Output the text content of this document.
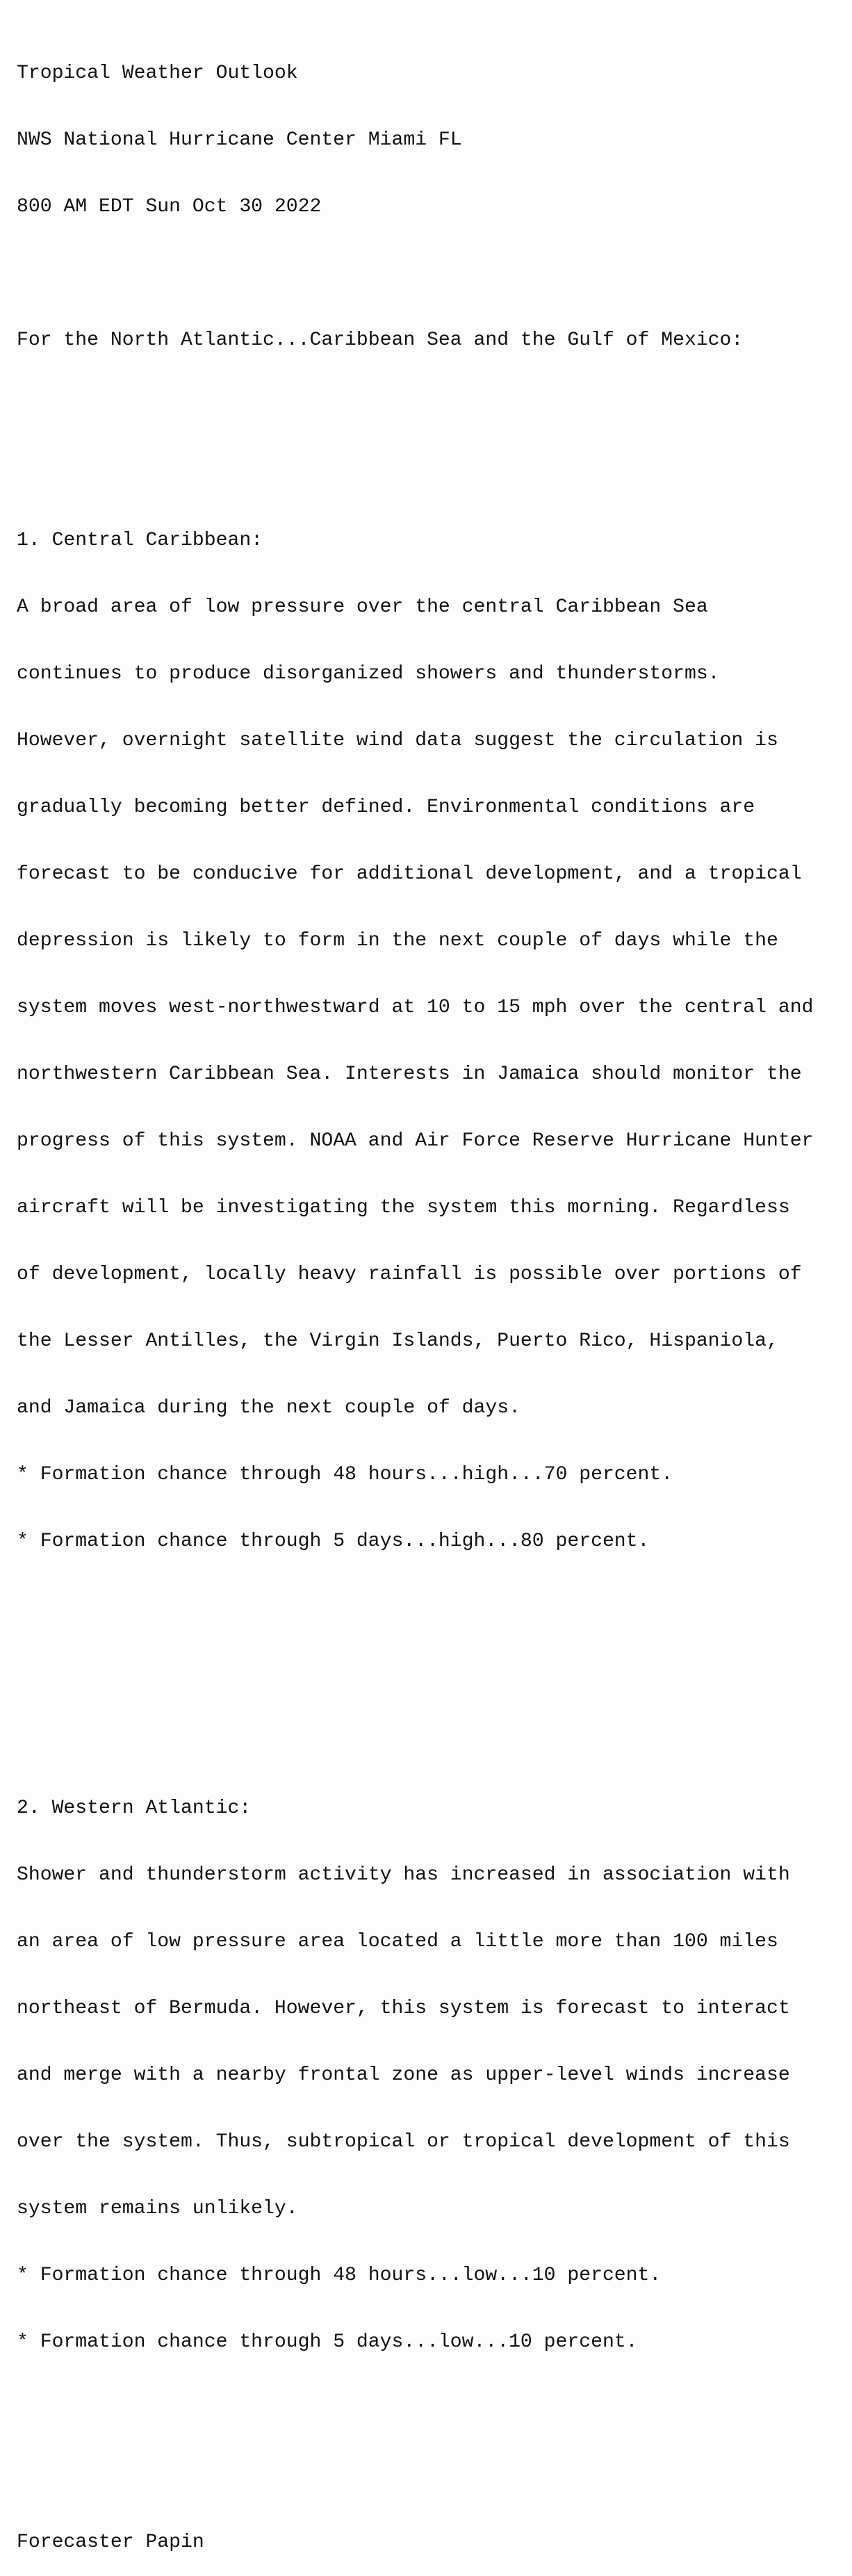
Tropical Weather Outlook

NWS National Hurricane Center Miami FL

800 AM EDT Sun Oct 30 2022

For the North Atlantic...Caribbean Sea and the Gulf of Mexico:

1. Central Caribbean:

A broad area of low pressure over the central Caribbean Sea

continues to produce disorganized showers and thunderstorms.

However, overnight satellite wind data suggest the circulation is

gradually becoming better defined. Environmental conditions are

forecast to be conducive for additional development, and a tropical

depression is likely to form in the next couple of days while the

system moves west-northwestward at 10 to 15 mph over the central and

northwestern Caribbean Sea. Interests in Jamaica should monitor the

progress of this system. NOAA and Air Force Reserve Hurricane Hunter

aircraft will be investigating the system this morning. Regardless

of development, locally heavy rainfall is possible over portions of

the Lesser Antilles, the Virgin Islands, Puerto Rico, Hispaniola,

and Jamaica during the next couple of days.

* Formation chance through 48 hours...high...70 percent.

* Formation chance through 5 days...high...80 percent.

2. Western Atlantic:

Shower and thunderstorm activity has increased in association with

an area of low pressure area located a little more than 100 miles

northeast of Bermuda. However, this system is forecast to interact

and merge with a nearby frontal zone as upper-level winds increase

over the system. Thus, subtropical or tropical development of this

system remains unlikely.

* Formation chance through 48 hours...low...10 percent.

* Formation chance through 5 days...low...10 percent.

Forecaster Papin
